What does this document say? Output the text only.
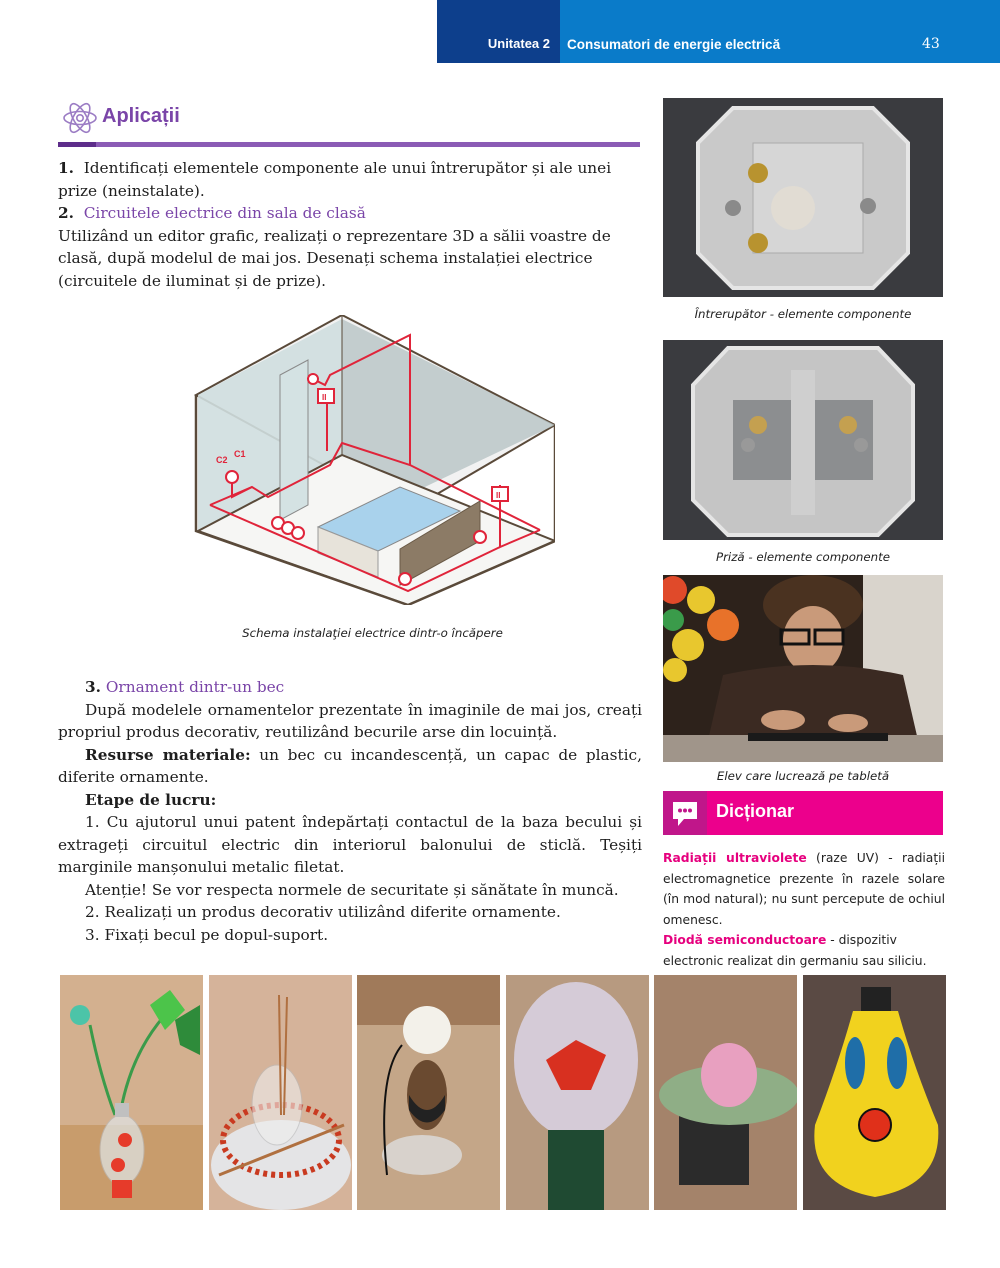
Unitatea 2 Consumatori de energie electrică	43
Aplicații

1. Identificați elementele componente ale unui întrerupător și ale unei prize (neinstalate).

2. Circuitele electrice din sala de clasă

Utilizând un editor grafic, realizați o reprezentare 3D a sălii voastre de clasă, după modelul de mai jos. Desenați schema instalației electrice (circuitele de iluminat și de prize).

C2
C1
II
II
Schema instalaţiei electrice dintr-o încăpere

3. Ornament dintr-un bec

După modelele ornamentelor prezentate în imaginile de mai jos, creați propriul produs decorativ, reutilizând becurile arse din locuință.

Resurse materiale: un bec cu incandescență, un capac de plastic, diferite ornamente.

Etape de lucru:

1. Cu ajutorul unui patent îndepărtați contactul de la baza becului și extrageți circuitul electric din interiorul balonului de sticlă. Teșiți marginile manșonului metalic filetat.

Atenție! Se vor respecta normele de securitate și sănătate în muncă.

2. Realizați un produs decorativ utilizând diferite ornamente.

3. Fixați becul pe dopul-suport.

Întrerupător - elemente componente
Priză - elemente componente
Elev care lucrează pe tabletă
Dicționar

Radiații ultraviolete (raze UV) - radiații electromagnetice prezente în razele solare (în mod natural); nu sunt percepute de ochiul omenesc.

Diodă semiconductoare - dispozitiv electronic realizat din germaniu sau siliciu.
